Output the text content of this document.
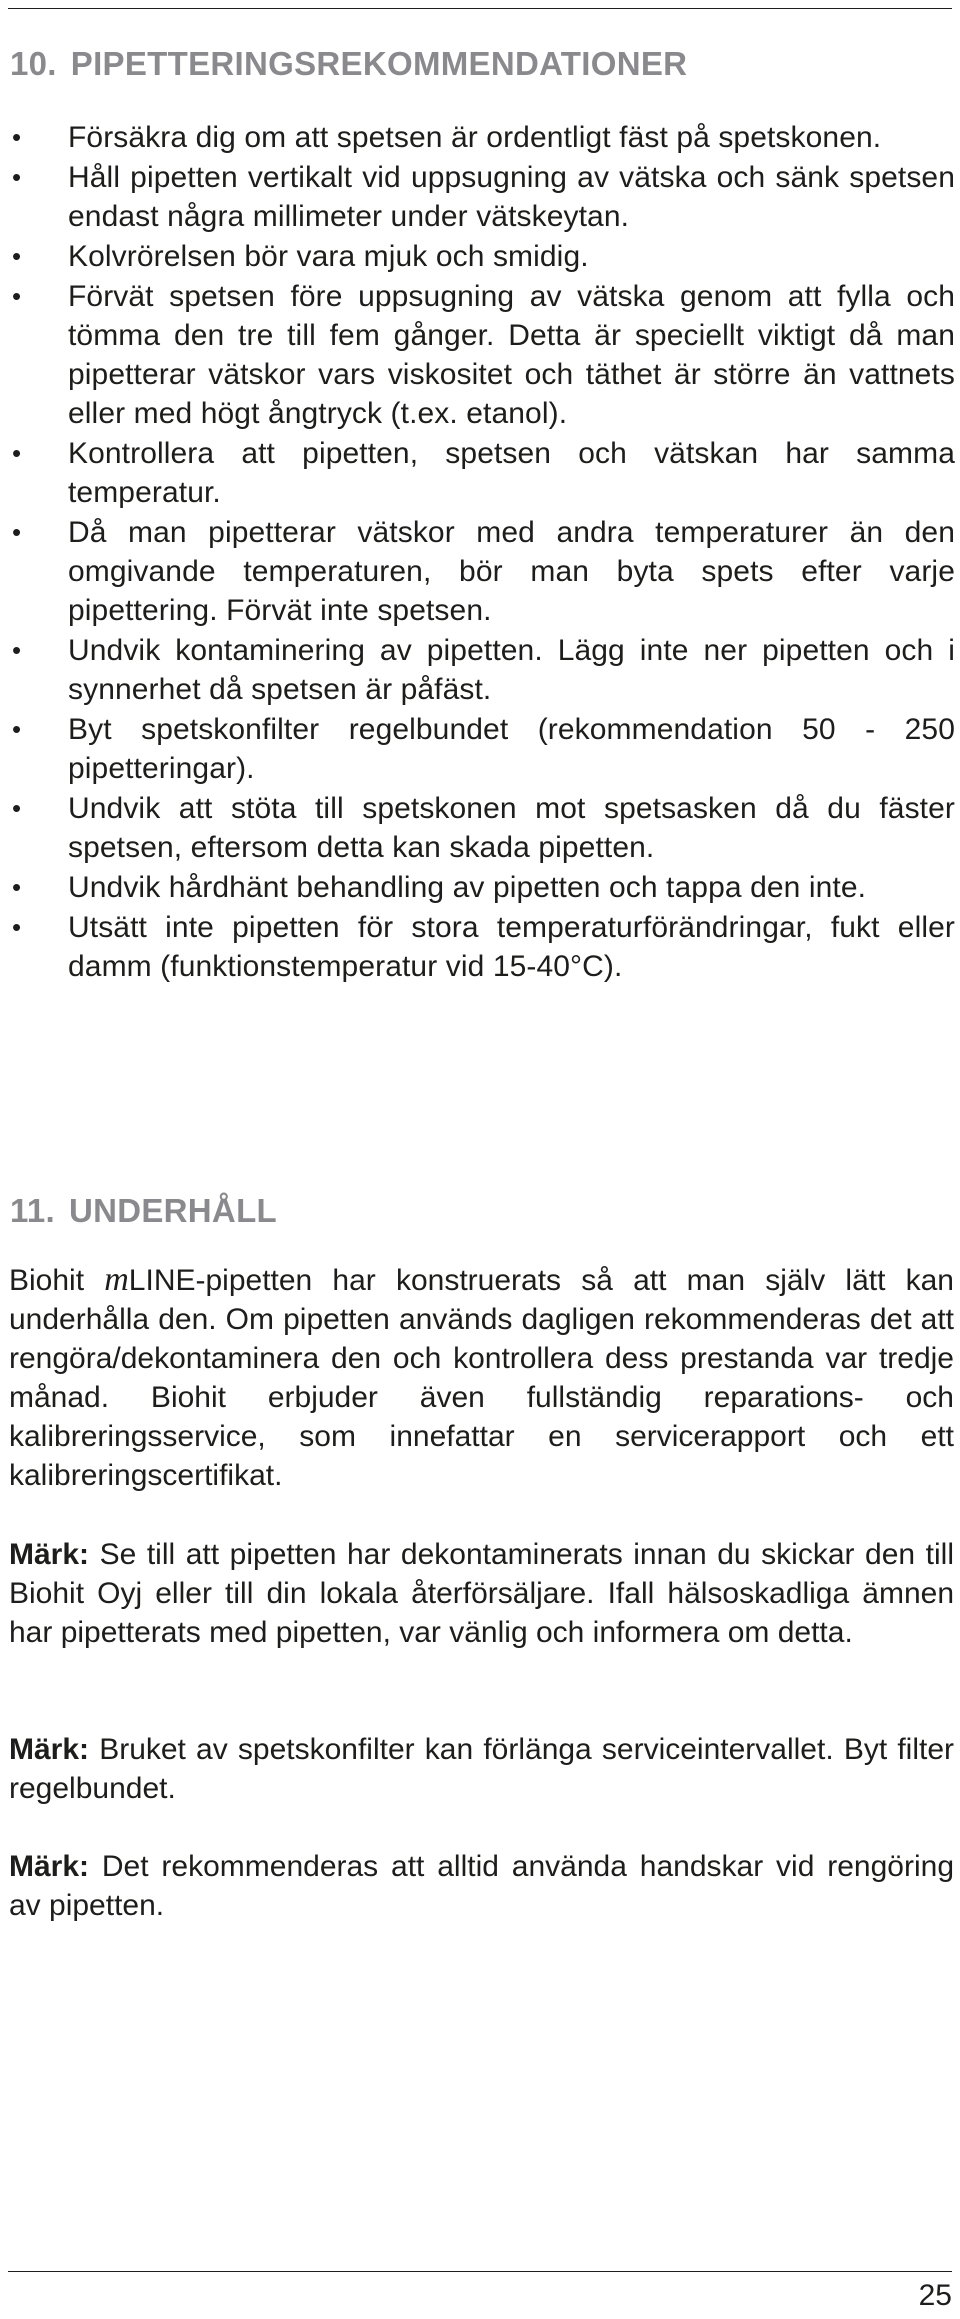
10. PIPETTERINGSREKOMMENDATIONER
• Försäkra dig om att spetsen är ordentligt fäst på spetskonen.
• Håll pipetten vertikalt vid uppsugning av vätska och sänk spetsen endast några millimeter under vätskeytan.
• Kolvrörelsen bör vara mjuk och smidig.
• Förvät spetsen före uppsugning av vätska genom att fylla och tömma den tre till fem gånger. Detta är speciellt viktigt då man pipetterar vätskor vars viskositet och täthet är större än vattnets eller med högt ångtryck (t.ex. etanol).
• Kontrollera att pipetten, spetsen och vätskan har samma temperatur.
• Då man pipetterar vätskor med andra temperaturer än den omgivande temperaturen, bör man byta spets efter varje pipettering. Förvät inte spetsen.
• Undvik kontaminering av pipetten. Lägg inte ner pipetten och i synnerhet då spetsen är påfäst.
• Byt spetskonfilter regelbundet (rekommendation 50 - 250 pipetteringar).
• Undvik att stöta till spetskonen mot spetsasken då du fäster spetsen, eftersom detta kan skada pipetten.
• Undvik hårdhänt behandling av pipetten och tappa den inte.
• Utsätt inte pipetten för stora temperaturförändringar, fukt eller damm (funktionstemperatur vid 15-40°C).
11. UNDERHÅLL

Biohit mLINE-pipetten har konstruerats så att man själv lätt kan underhålla den. Om pipetten används dagligen rekommenderas det att rengöra/dekontaminera den och kontrollera dess prestanda var tredje månad. Biohit erbjuder även fullständig reparations- och kalibreringsservice, som innefattar en servicerapport och ett kalibreringscertifikat.

Märk: Se till att pipetten har dekontaminerats innan du skickar den till Biohit Oyj eller till din lokala återförsäljare. Ifall hälsoskadliga ämnen har pipetterats med pipetten, var vänlig och informera om detta.

Märk: Bruket av spetskonfilter kan förlänga serviceintervallet. Byt filter regelbundet.

Märk: Det rekommenderas att alltid använda handskar vid rengöring av pipetten.

25
